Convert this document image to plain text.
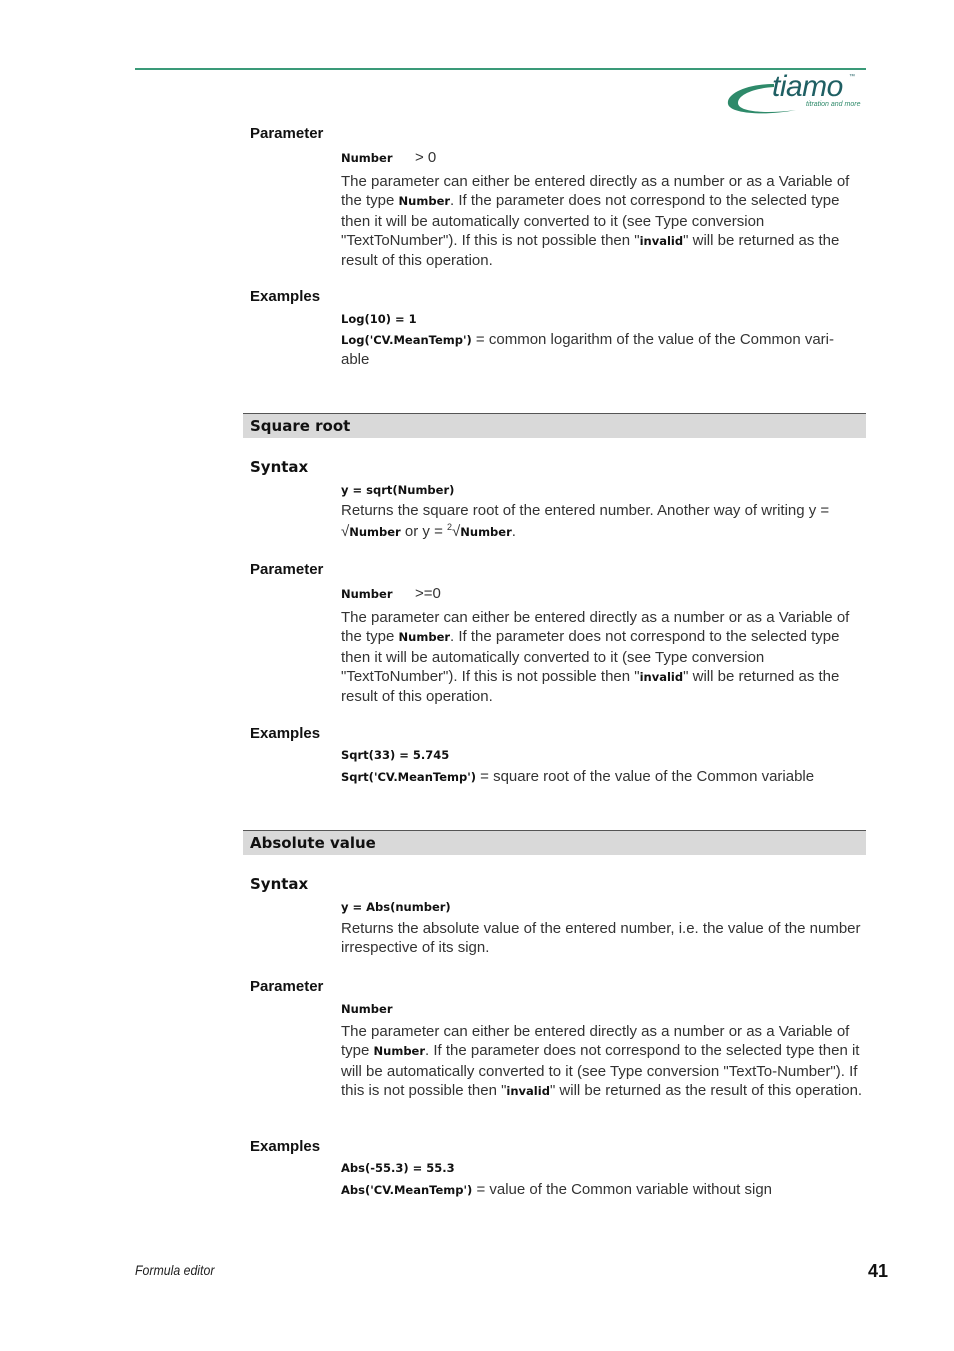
tiamo ™
titration and more
Parameter
Number > 0
The parameter can either be entered directly as a number or as a Variable of the type Number. If the parameter does not correspond to the selected type then it will be automatically converted to it (see Type conversion "TextToNumber"). If this is not possible then "invalid" will be returned as the result of this operation.
Examples
Log(10) = 1
Log('CV.MeanTemp') = common logarithm of the value of the Common vari-
able
Square root
Syntax
y = sqrt(Number)
Returns the square root of the entered number. Another way of writing y =
√Number or y = $^2$√Number.
Parameter
Number >=0
The parameter can either be entered directly as a number or as a Variable of the type Number. If the parameter does not correspond to the selected type then it will be automatically converted to it (see Type conversion "TextToNumber"). If this is not possible then "invalid" will be returned as the result of this operation.
Examples
Sqrt(33) = 5.745
Sqrt('CV.MeanTemp') = square root of the value of the Common variable
Absolute value
Syntax
y = Abs(number)
Returns the absolute value of the entered number, i.e. the value of the number irrespective of its sign.
Parameter
Number
The parameter can either be entered directly as a number or as a Variable of type Number. If the parameter does not correspond to the selected type then it will be automatically converted to it (see Type conversion "TextTo-Number"). If this is not possible then "invalid" will be returned as the result of this operation.
Examples
Abs(-55.3) = 55.3
Abs('CV.MeanTemp') = value of the Common variable without sign
Formula editor	41
